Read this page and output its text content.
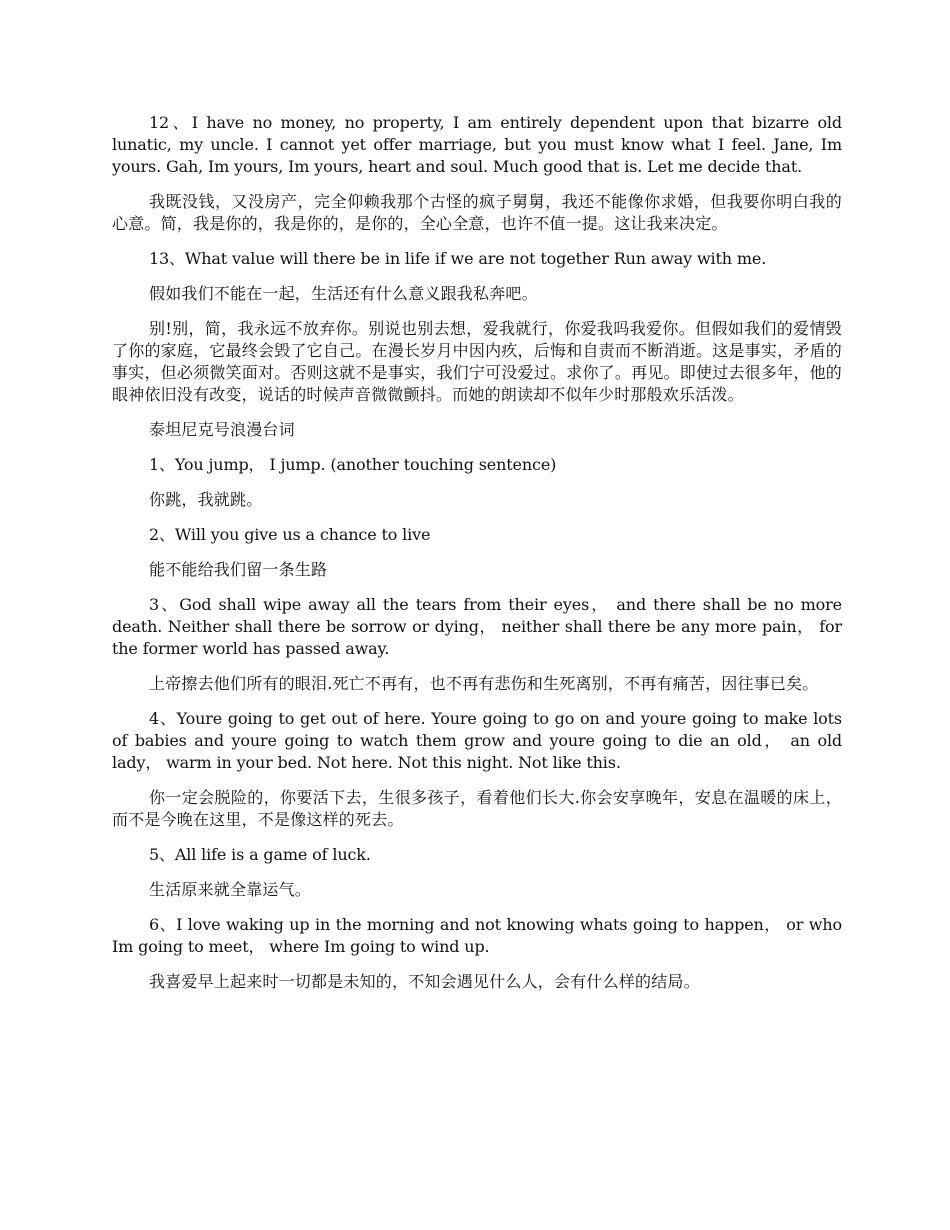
12、I have no money, no property, I am entirely dependent upon that bizarre old lunatic, my uncle. I cannot yet offer marriage, but you must know what I feel. Jane, Im yours. Gah, Im yours, Im yours, heart and soul. Much good that is. Let me decide that.

我既没钱，又没房产，完全仰赖我那个古怪的疯子舅舅，我还不能像你求婚，但我要你明白我的心意。简，我是你的，我是你的，是你的，全心全意，也许不值一提。这让我来决定。

13、What value will there be in life if we are not together Run away with me.

假如我们不能在一起，生活还有什么意义跟我私奔吧。

别!别，简，我永远不放弃你。别说也别去想，爱我就行，你爱我吗我爱你。但假如我们的爱情毁了你的家庭，它最终会毁了它自己。在漫长岁月中因内疚，后悔和自责而不断消逝。这是事实，矛盾的事实，但必须微笑面对。否则这就不是事实，我们宁可没爱过。求你了。再见。即使过去很多年，他的眼神依旧没有改变，说话的时候声音微微颤抖。而她的朗读却不似年少时那般欢乐活泼。

泰坦尼克号浪漫台词

1、You jump， I jump. (another touching sentence)

你跳，我就跳。

2、Will you give us a chance to live

能不能给我们留一条生路

3、God shall wipe away all the tears from their eyes， and there shall be no more death. Neither shall there be sorrow or dying， neither shall there be any more pain， for the former world has passed away.

上帝擦去他们所有的眼泪.死亡不再有，也不再有悲伤和生死离别，不再有痛苦，因往事已矣。

4、Youre going to get out of here. Youre going to go on and youre going to make lots of babies and youre going to watch them grow and youre going to die an old， an old lady， warm in your bed. Not here. Not this night. Not like this.

你一定会脱险的，你要活下去，生很多孩子，看着他们长大.你会安享晚年，安息在温暖的床上，而不是今晚在这里，不是像这样的死去。

5、All life is a game of luck.

生活原来就全靠运气。

6、I love waking up in the morning and not knowing whats going to happen， or who Im going to meet， where Im going to wind up.

我喜爱早上起来时一切都是未知的，不知会遇见什么人，会有什么样的结局。
